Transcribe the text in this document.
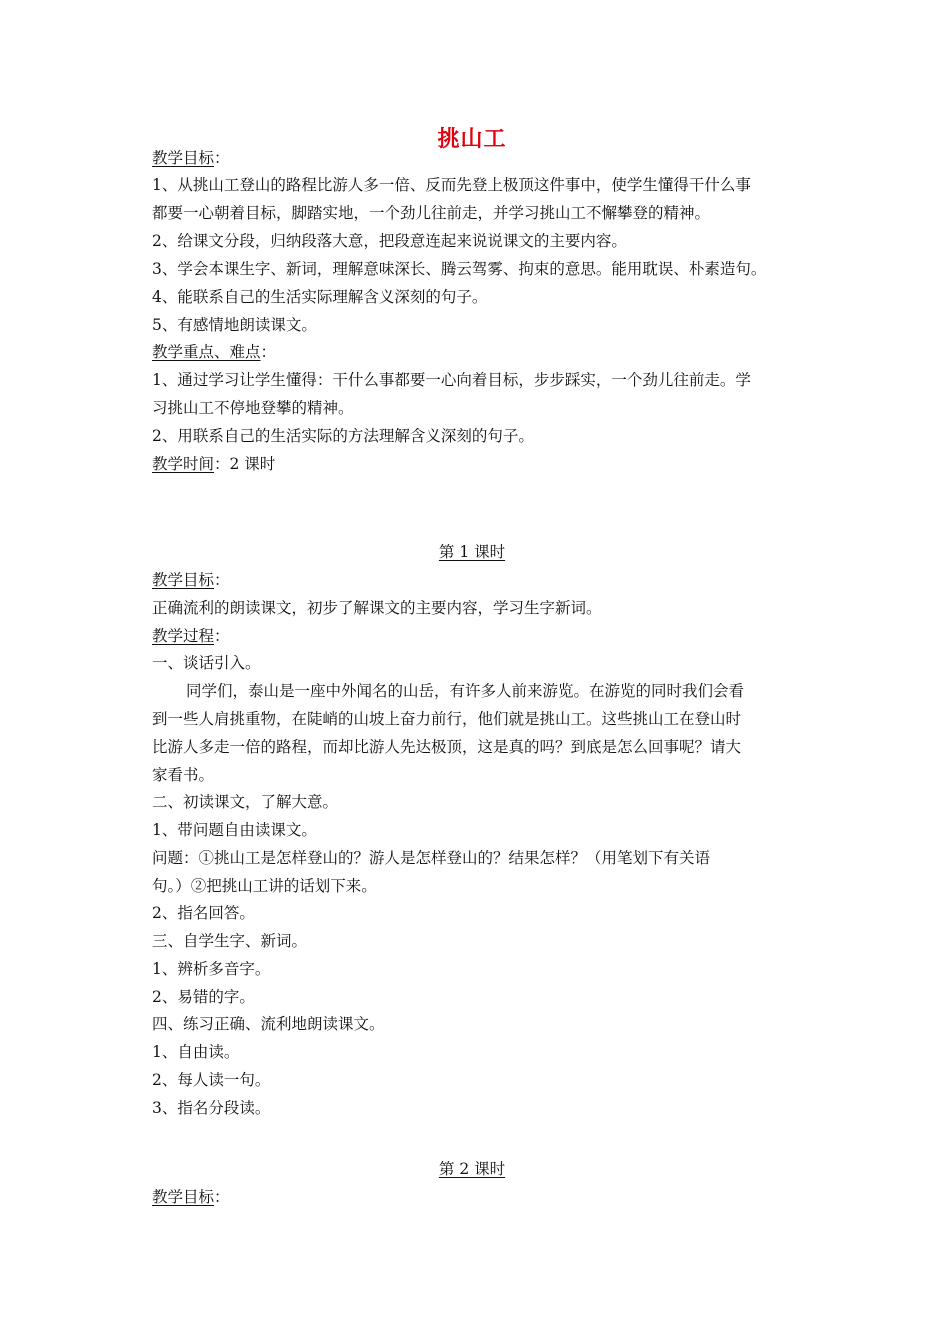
挑山工
教学目标：
1、从挑山工登山的路程比游人多一倍、反而先登上极顶这件事中，使学生懂得干什么事
都要一心朝着目标，脚踏实地，一个劲儿往前走，并学习挑山工不懈攀登的精神。
2、给课文分段，归纳段落大意，把段意连起来说说课文的主要内容。
3、学会本课生字、新词，理解意味深长、腾云驾雾、拘束的意思。能用耽误、朴素造句。
4、能联系自己的生活实际理解含义深刻的句子。
5、有感情地朗读课文。
教学重点、难点：
1、通过学习让学生懂得：干什么事都要一心向着目标，步步踩实，一个劲儿往前走。学
习挑山工不停地登攀的精神。
2、用联系自己的生活实际的方法理解含义深刻的句子。
教学时间：2 课时
第 1 课时
教学目标：
正确流利的朗读课文，初步了解课文的主要内容，学习生字新词。
教学过程：
一、谈话引入。
同学们，泰山是一座中外闻名的山岳，有许多人前来游览。在游览的同时我们会看
到一些人肩挑重物，在陡峭的山坡上奋力前行，他们就是挑山工。这些挑山工在登山时
比游人多走一倍的路程，而却比游人先达极顶，这是真的吗？到底是怎么回事呢？请大
家看书。
二、初读课文，了解大意。
1、带问题自由读课文。
问题：①挑山工是怎样登山的？游人是怎样登山的？结果怎样？（用笔划下有关语
句。）②把挑山工讲的话划下来。
2、指名回答。
三、自学生字、新词。
1、辨析多音字。
2、易错的字。
四、练习正确、流利地朗读课文。
1、自由读。
2、每人读一句。
3、指名分段读。
第 2 课时
教学目标：
